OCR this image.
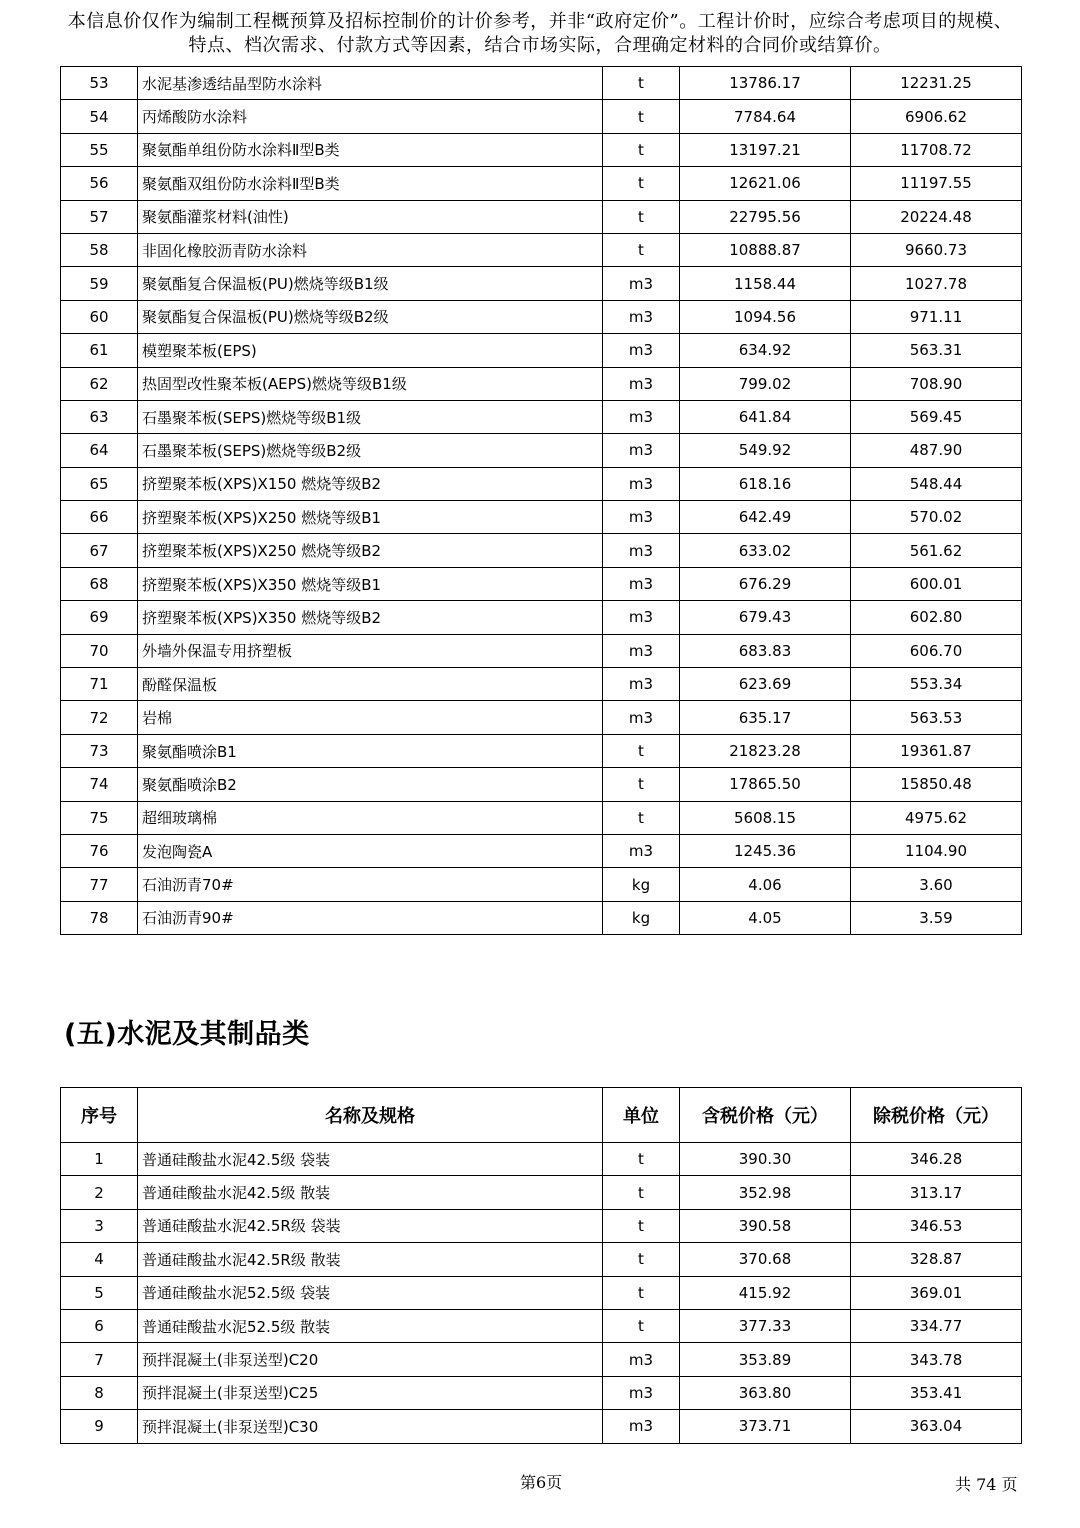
本信息价仅作为编制工程概预算及招标控制价的计价参考，并非“政府定价”。工程计价时，应综合考虑项目的规模、特点、档次需求、付款方式等因素，结合市场实际，合理确定材料的合同价或结算价。
53	水泥基渗透结晶型防水涂料	t	13786.17	12231.25
54	丙烯酸防水涂料	t	7784.64	6906.62
55	聚氨酯单组份防水涂料Ⅱ型B类	t	13197.21	11708.72
56	聚氨酯双组份防水涂料Ⅱ型B类	t	12621.06	11197.55
57	聚氨酯灌浆材料(油性)	t	22795.56	20224.48
58	非固化橡胶沥青防水涂料	t	10888.87	9660.73
59	聚氨酯复合保温板(PU)燃烧等级B1级	m3	1158.44	1027.78
60	聚氨酯复合保温板(PU)燃烧等级B2级	m3	1094.56	971.11
61	模塑聚苯板(EPS)	m3	634.92	563.31
62	热固型改性聚苯板(AEPS)燃烧等级B1级	m3	799.02	708.90
63	石墨聚苯板(SEPS)燃烧等级B1级	m3	641.84	569.45
64	石墨聚苯板(SEPS)燃烧等级B2级	m3	549.92	487.90
65	挤塑聚苯板(XPS)X150 燃烧等级B2	m3	618.16	548.44
66	挤塑聚苯板(XPS)X250 燃烧等级B1	m3	642.49	570.02
67	挤塑聚苯板(XPS)X250 燃烧等级B2	m3	633.02	561.62
68	挤塑聚苯板(XPS)X350 燃烧等级B1	m3	676.29	600.01
69	挤塑聚苯板(XPS)X350 燃烧等级B2	m3	679.43	602.80
70	外墙外保温专用挤塑板	m3	683.83	606.70
71	酚醛保温板	m3	623.69	553.34
72	岩棉	m3	635.17	563.53
73	聚氨酯喷涂B1	t	21823.28	19361.87
74	聚氨酯喷涂B2	t	17865.50	15850.48
75	超细玻璃棉	t	5608.15	4975.62
76	发泡陶瓷A	m3	1245.36	1104.90
77	石油沥青70#	kg	4.06	3.60
78	石油沥青90#	kg	4.05	3.59
(五)水泥及其制品类
序号	名称及规格	单位	含税价格（元）	除税价格（元）
1	普通硅酸盐水泥42.5级 袋装	t	390.30	346.28
2	普通硅酸盐水泥42.5级 散装	t	352.98	313.17
3	普通硅酸盐水泥42.5R级 袋装	t	390.58	346.53
4	普通硅酸盐水泥42.5R级 散装	t	370.68	328.87
5	普通硅酸盐水泥52.5级 袋装	t	415.92	369.01
6	普通硅酸盐水泥52.5级 散装	t	377.33	334.77
7	预拌混凝土(非泵送型)C20	m3	353.89	343.78
8	预拌混凝土(非泵送型)C25	m3	363.80	353.41
9	预拌混凝土(非泵送型)C30	m3	373.71	363.04
第6页	共 74 页
